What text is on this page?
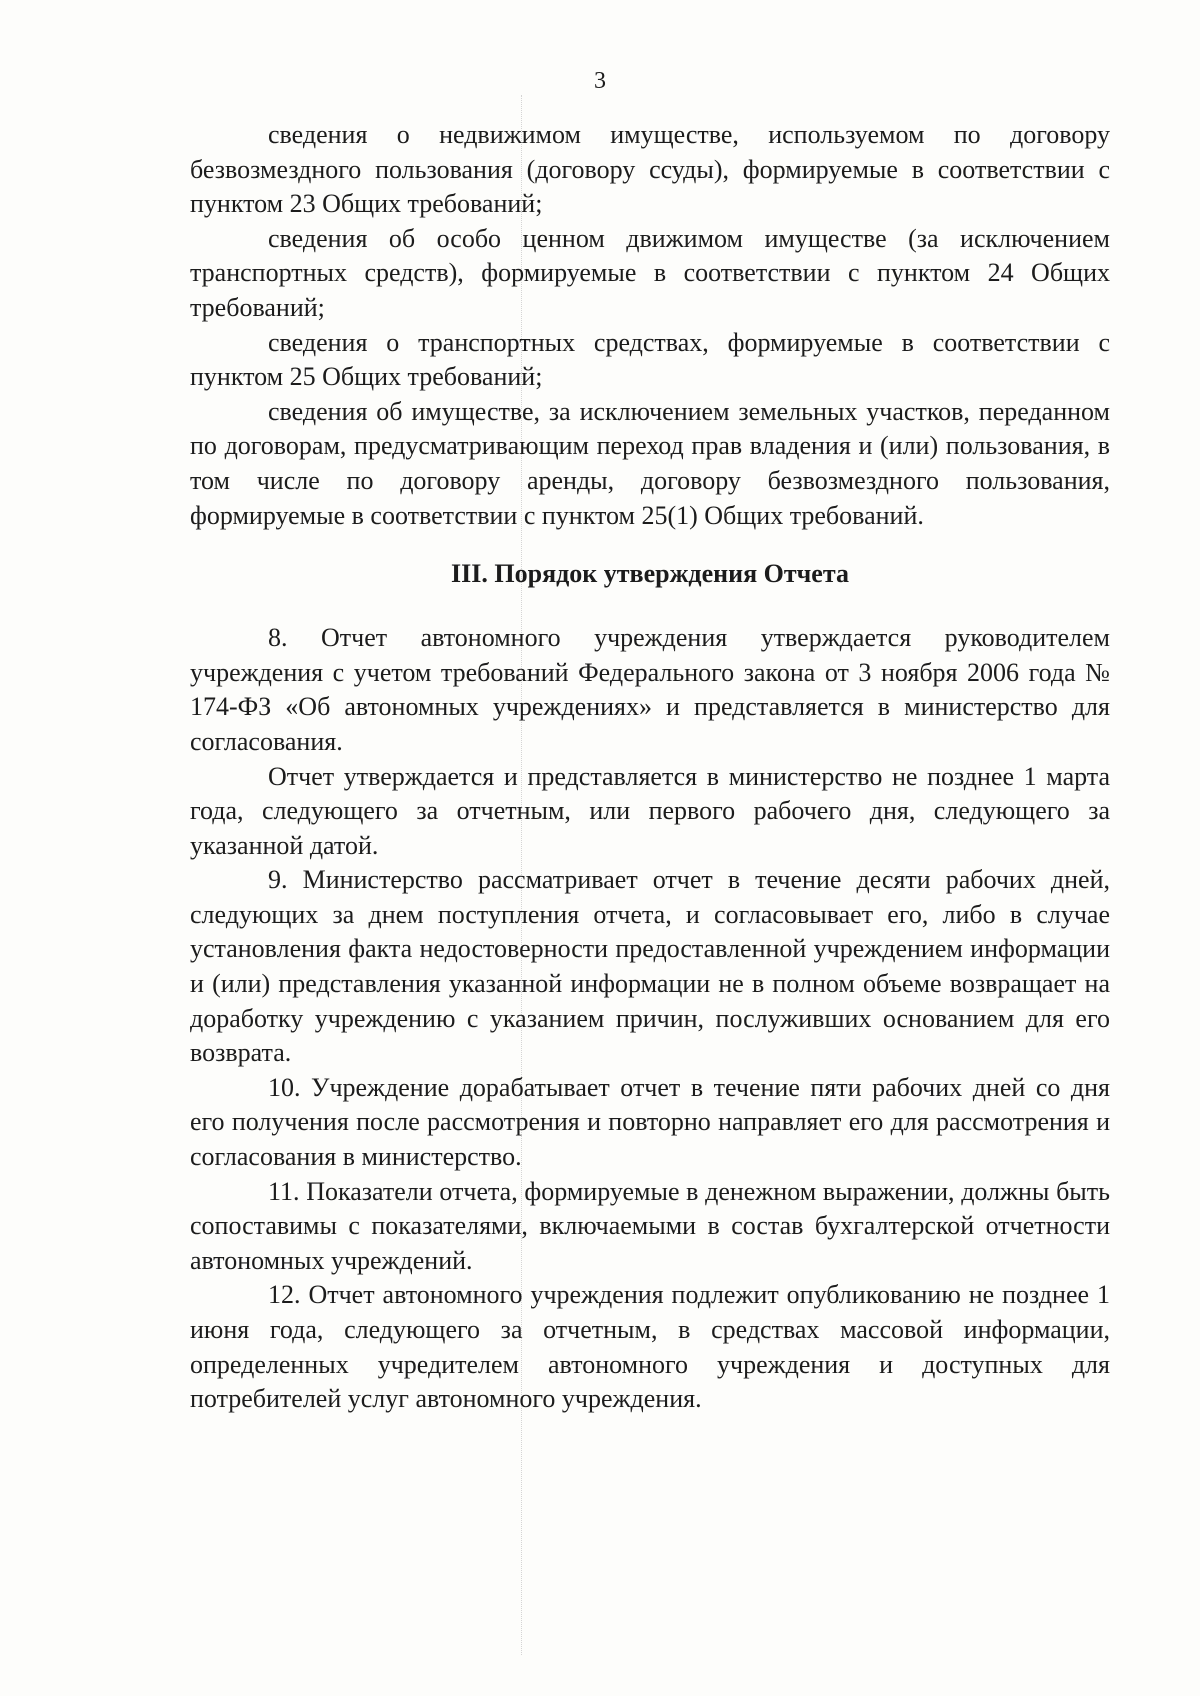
3

сведения о недвижимом имуществе, используемом по договору безвозмездного пользования (договору ссуды), формируемые в соответствии с пунктом 23 Общих требований;

сведения об особо ценном движимом имуществе (за исключением транспортных средств), формируемые в соответствии с пунктом 24 Общих требований;

сведения о транспортных средствах, формируемые в соответствии с пунктом 25 Общих требований;

сведения об имуществе, за исключением земельных участков, переданном по договорам, предусматривающим переход прав владения и (или) пользования, в том числе по договору аренды, договору безвозмездного пользования, формируемые в соответствии с пунктом 25(1) Общих требований.

III. Порядок утверждения Отчета

8. Отчет автономного учреждения утверждается руководителем учреждения с учетом требований Федерального закона от 3 ноября 2006 года № 174-ФЗ «Об автономных учреждениях» и представляется в министерство для согласования.

Отчет утверждается и представляется в министерство не позднее 1 марта года, следующего за отчетным, или первого рабочего дня, следующего за указанной датой.

9. Министерство рассматривает отчет в течение десяти рабочих дней, следующих за днем поступления отчета, и согласовывает его, либо в случае установления факта недостоверности предоставленной учреждением информации и (или) представления указанной информации не в полном объеме возвращает на доработку учреждению с указанием причин, послуживших основанием для его возврата.

10. Учреждение дорабатывает отчет в течение пяти рабочих дней со дня его получения после рассмотрения и повторно направляет его для рассмотрения и согласования в министерство.

11. Показатели отчета, формируемые в денежном выражении, должны быть сопоставимы с показателями, включаемыми в состав бухгалтерской отчетности автономных учреждений.

12. Отчет автономного учреждения подлежит опубликованию не позднее 1 июня года, следующего за отчетным, в средствах массовой информации, определенных учредителем автономного учреждения и доступных для потребителей услуг автономного учреждения.
